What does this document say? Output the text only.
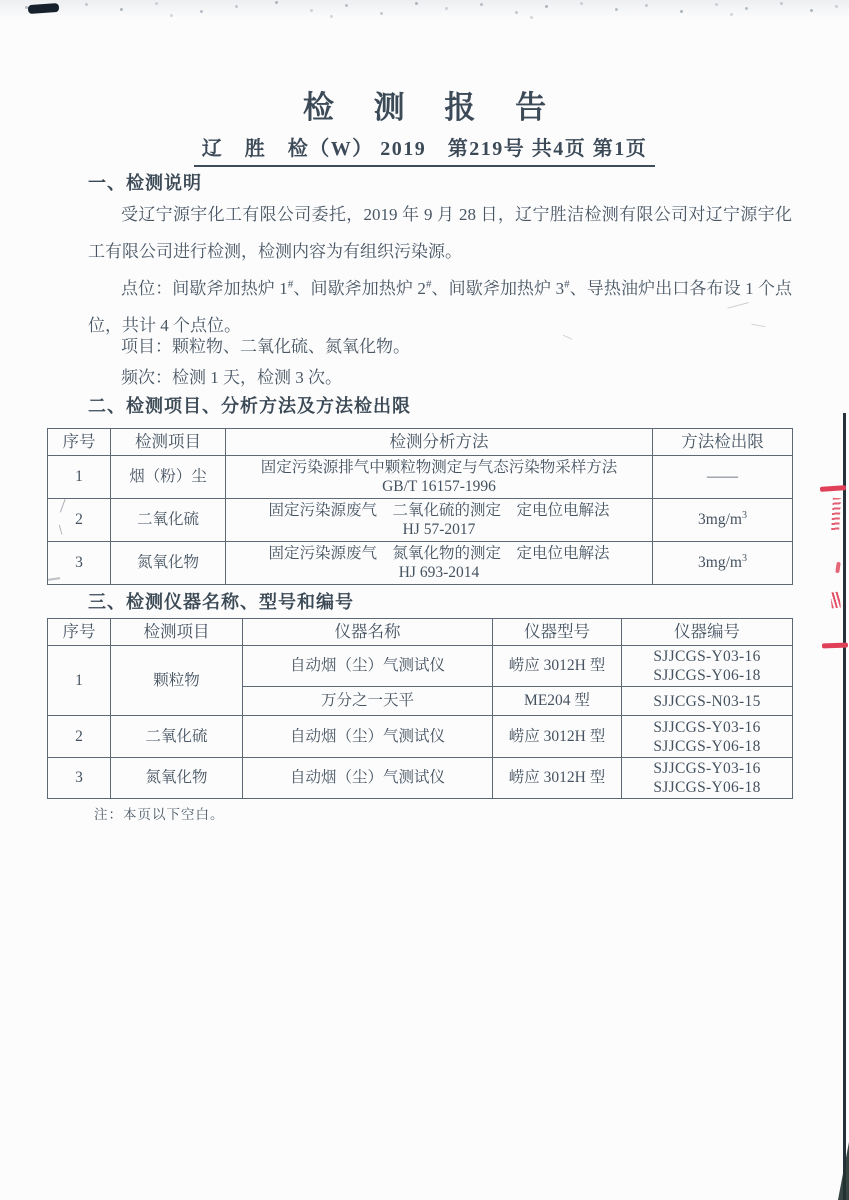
检 测 报 告
辽　胜　检（W） 2019　第219号 共4页 第1页
一、检测说明

受辽宁源宇化工有限公司委托，2019 年 9 月 28 日，辽宁胜洁检测有限公司对辽宁源宇化工有限公司进行检测，检测内容为有组织污染源。

点位：间歇斧加热炉 1#、间歇斧加热炉 2#、间歇斧加热炉 3#、导热油炉出口各布设 1 个点位，共计 4 个点位。

项目：颗粒物、二氧化硫、氮氧化物。
频次：检测 1 天，检测 3 次。
二、检测项目、分析方法及方法检出限
序号	检测项目	检测分析方法	方法检出限
1	烟（粉）尘	固定污染源排气中颗粒物测定与气态污染物采样方法
GB/T 16157-1996	——
2	二氧化硫	固定污染源废气　二氧化硫的测定　定电位电解法
HJ 57-2017	$3mg/m^3$
3	氮氧化物	固定污染源废气　氮氧化物的测定　定电位电解法
HJ 693-2014	$3mg/m^3$
三、检测仪器名称、型号和编号
序号	检测项目	仪器名称	仪器型号	仪器编号
1	颗粒物	自动烟（尘）气测试仪	崂应 3012H 型	SJJCGS-Y03-16
SJJCGS-Y06-18

		万分之一天平	ME204 型	SJJCGS-N03-15

2	二氧化硫	自动烟（尘）气测试仪	崂应 3012H 型	SJJCGS-Y03-16
SJJCGS-Y06-18

3	氮氧化物	自动烟（尘）气测试仪	崂应 3012H 型	SJJCGS-Y03-16
SJJCGS-Y06-18
注：本页以下空白。
